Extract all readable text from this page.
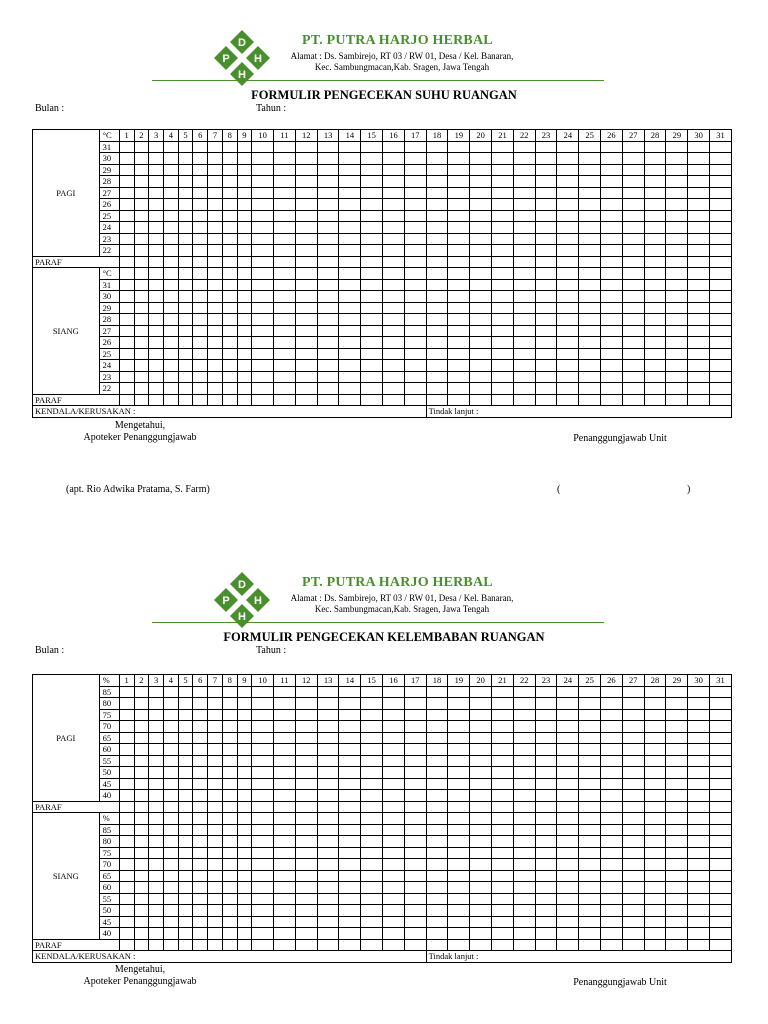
D
P H
H
PT. PUTRA HARJO HERBAL
Alamat : Ds. Sambirejo, RT 03 / RW 01, Desa / Kel. Banaran,
Kec. Sambungmacan,Kab. Sragen, Jawa Tengah
FORMULIR PENGECEKAN SUHU RUANGAN
Bulan :	Tahun :
PAGI	°C	1	2	3	4	5	6	7	8	9	10	11	12	13	14	15	16	17	18	19	20	21	22	23	24	25	26	27	28	29	30	31
	31																															
	30																															
	29																															
	28																															
	27																															
	26																															
	25																															
	24																															
	23																															
	22																															
PARAF																																
SIANG	°C																															
	31																															
	30																															
	29																															
	28																															
	27																															
	26																															
	25																															
	24																															
	23																															
	22																															
PARAF																																
KENDALA/KERUSAKAN :																			Tindak lanjut :													
Mengetahui,
Apoteker Penanggungjawab	Penanggungjawab Unit
(apt. Rio Adwika Pratama, S. Farm)	(	)
D
P H
H
PT. PUTRA HARJO HERBAL
Alamat : Ds. Sambirejo, RT 03 / RW 01, Desa / Kel. Banaran,
Kec. Sambungmacan,Kab. Sragen, Jawa Tengah
FORMULIR PENGECEKAN KELEMBABAN RUANGAN
Bulan :	Tahun :
PAGI	%	1	2	3	4	5	6	7	8	9	10	11	12	13	14	15	16	17	18	19	20	21	22	23	24	25	26	27	28	29	30	31
	85																															
	80																															
	75																															
	70																															
	65																															
	60																															
	55																															
	50																															
	45																															
	40																															
PARAF																																
SIANG	%																															
	85																															
	80																															
	75																															
	70																															
	65																															
	60																															
	55																															
	50																															
	45																															
	40																															
PARAF																																
KENDALA/KERUSAKAN :																			Tindak lanjut :													
Mengetahui,
Apoteker Penanggungjawab	Penanggungjawab Unit
